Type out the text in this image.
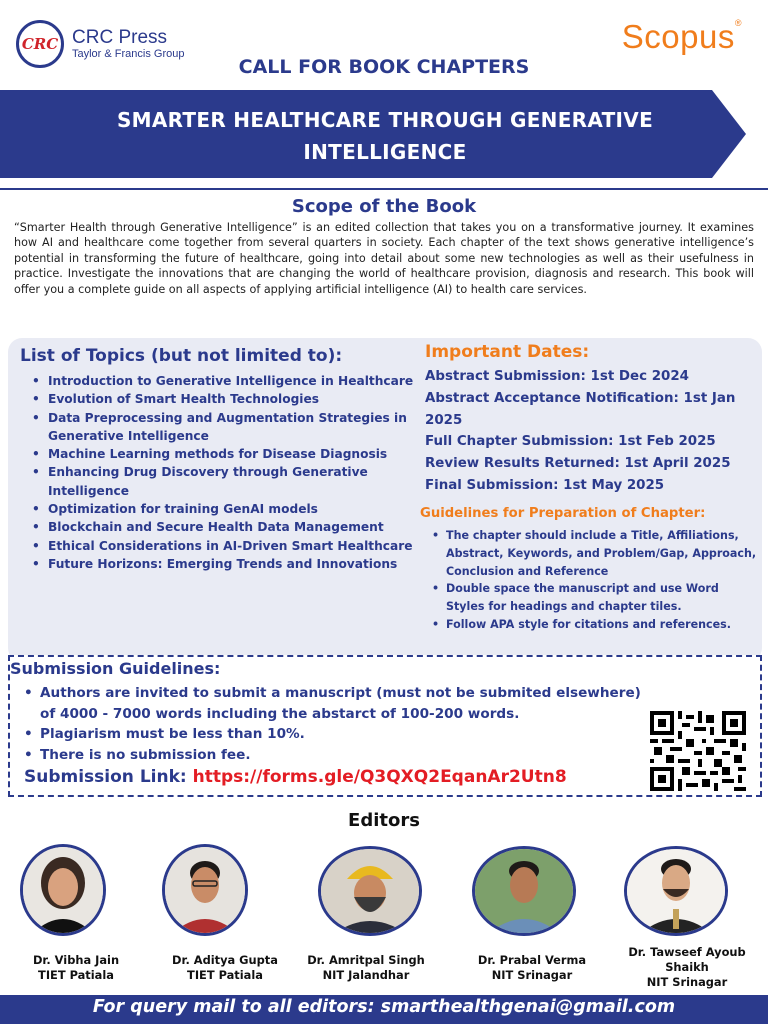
CRC CRC Press
Taylor & Francis Group	Scopus®
CALL FOR BOOK CHAPTERS
SMARTER HEALTHCARE THROUGH GENERATIVE
INTELLIGENCE
Scope of the Book

“Smarter Health through Generative Intelligence” is an edited collection that takes you on a transformative journey. It examines how AI and healthcare come together from several quarters in society. Each chapter of the text shows generative intelligence’s potential in transforming the future of healthcare, going into detail about some new technologies as well as their usefulness in practice. Investigate the innovations that are changing the world of healthcare provision, diagnosis and research. This book will offer you a complete guide on all aspects of applying artificial intelligence (AI) to health care services.

List of Topics (but not limited to):
• Introduction to Generative Intelligence in Healthcare
• Evolution of Smart Health Technologies
• Data Preprocessing and Augmentation Strategies in Generative Intelligence
• Machine Learning methods for Disease Diagnosis
• Enhancing Drug Discovery through Generative Intelligence
• Optimization for training GenAI models
• Blockchain and Secure Health Data Management
• Ethical Considerations in AI-Driven Smart Healthcare
• Future Horizons: Emerging Trends and Innovations
Important Dates:
Abstract Submission: 1st Dec 2024
Abstract Acceptance Notification: 1st Jan 2025
Full Chapter Submission: 1st Feb 2025
Review Results Returned: 1st April 2025
Final Submission: 1st May 2025
Guidelines for Preparation of Chapter:
• The chapter should include a Title, Affiliations, Abstract, Keywords, and Problem/Gap, Approach, Conclusion and Reference
• Double space the manuscript and use Word Styles for headings and chapter tiles.
• Follow APA style for citations and references.
Submission Guidelines:
• Authors are invited to submit a manuscript (must not be submited elsewhere) of 4000 - 7000 words including the abstarct of 100-200 words.
• Plagiarism must be less than 10%.
• There is no submission fee.
Submission Link: https://forms.gle/Q3QXQ2EqanAr2Utn8
Editors
Dr. Vibha Jain
TIET Patiala
Dr. Aditya Gupta
TIET Patiala
Dr. Amritpal Singh
NIT Jalandhar
Dr. Prabal Verma
NIT Srinagar
Dr. Tawseef Ayoub Shaikh
NIT Srinagar
For query mail to all editors: smarthealthgenai@gmail.com
